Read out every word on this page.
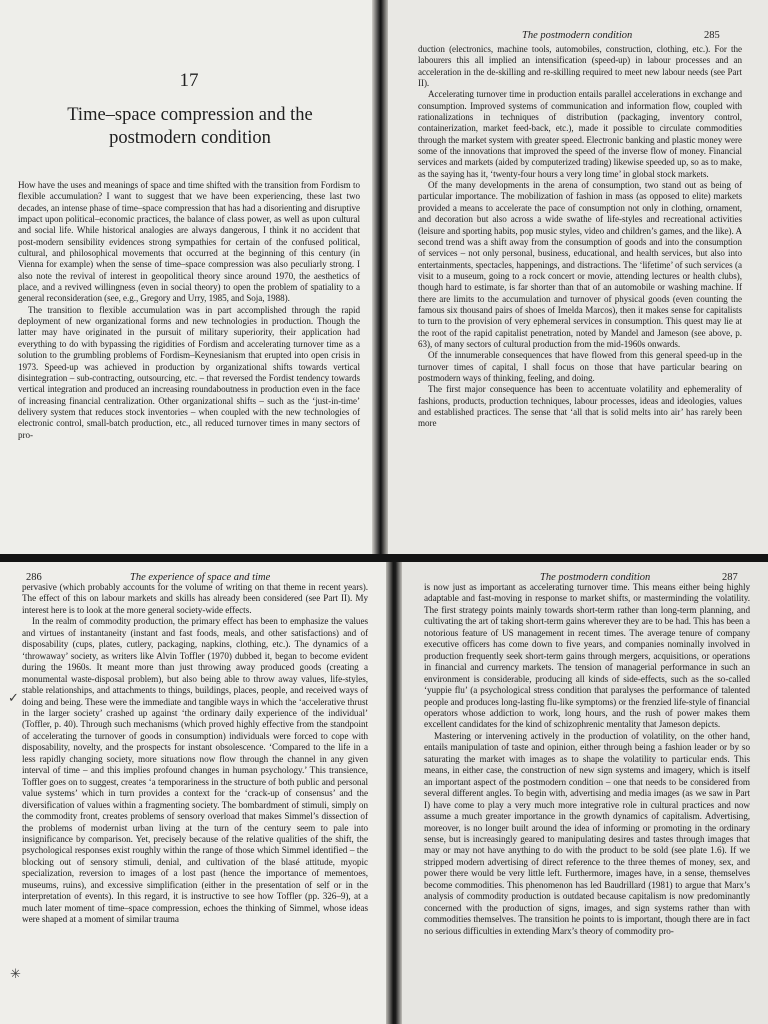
17
Time–space compression and the postmodern condition

How have the uses and meanings of space and time shifted with the transition from Fordism to flexible accumulation? I want to suggest that we have been experiencing, these last two decades, an intense phase of time–space compression that has had a disorienting and disruptive impact upon political–economic practices, the balance of class power, as well as upon cultural and social life. While historical analogies are always dangerous, I think it no accident that post-modern sensibility evidences strong sympathies for certain of the confused political, cultural, and philosophical movements that occurred at the beginning of this century (in Vienna for example) when the sense of time–space compression was also peculiarly strong. I also note the revival of interest in geopolitical theory since around 1970, the aesthetics of place, and a revived willingness (even in social theory) to open the problem of spatiality to a general reconsideration (see, e.g., Gregory and Urry, 1985, and Soja, 1988).

The transition to flexible accumulation was in part accomplished through the rapid deployment of new organizational forms and new technologies in production. Though the latter may have originated in the pursuit of military superiority, their application had everything to do with bypassing the rigidities of Fordism and accelerating turnover time as a solution to the grumbling problems of Fordism–Keynesianism that erupted into open crisis in 1973. Speed-up was achieved in production by organizational shifts towards vertical disintegration – sub-contracting, outsourcing, etc. – that reversed the Fordist tendency towards vertical integration and produced an increasing roundaboutness in production even in the face of increasing financial centralization. Other organizational shifts – such as the ‘just-in-time’ delivery system that reduces stock inventories – when coupled with the new technologies of electronic control, small-batch production, etc., all reduced turnover times in many sectors of pro-

The postmodern condition	285

duction (electronics, machine tools, automobiles, construction, clothing, etc.). For the labourers this all implied an intensification (speed-up) in labour processes and an acceleration in the de-skilling and re-skilling required to meet new labour needs (see Part II).

Accelerating turnover time in production entails parallel accelerations in exchange and consumption. Improved systems of communication and information flow, coupled with rationalizations in techniques of distribution (packaging, inventory control, containerization, market feed-back, etc.), made it possible to circulate commodities through the market system with greater speed. Electronic banking and plastic money were some of the innovations that improved the speed of the inverse flow of money. Financial services and markets (aided by computerized trading) likewise speeded up, so as to make, as the saying has it, ‘twenty-four hours a very long time’ in global stock markets.

Of the many developments in the arena of consumption, two stand out as being of particular importance. The mobilization of fashion in mass (as opposed to elite) markets provided a means to accelerate the pace of consumption not only in clothing, ornament, and decoration but also across a wide swathe of life-styles and recreational activities (leisure and sporting habits, pop music styles, video and children’s games, and the like). A second trend was a shift away from the consumption of goods and into the consumption of services – not only personal, business, educational, and health services, but also into entertainments, spectacles, happenings, and distractions. The ‘lifetime’ of such services (a visit to a museum, going to a rock concert or movie, attending lectures or health clubs), though hard to estimate, is far shorter than that of an automobile or washing machine. If there are limits to the accumulation and turnover of physical goods (even counting the famous six thousand pairs of shoes of Imelda Marcos), then it makes sense for capitalists to turn to the provision of very ephemeral services in consumption. This quest may lie at the root of the rapid capitalist penetration, noted by Mandel and Jameson (see above, p. 63), of many sectors of cultural production from the mid-1960s onwards.

Of the innumerable consequences that have flowed from this general speed-up in the turnover times of capital, I shall focus on those that have particular bearing on postmodern ways of thinking, feeling, and doing.

The first major consequence has been to accentuate volatility and ephemerality of fashions, products, production techniques, labour processes, ideas and ideologies, values and established practices. The sense that ‘all that is solid melts into air’ has rarely been more

286	The experience of space and time

pervasive (which probably accounts for the volume of writing on that theme in recent years). The effect of this on labour markets and skills has already been considered (see Part II). My interest here is to look at the more general society-wide effects.

In the realm of commodity production, the primary effect has been to emphasize the values and virtues of instantaneity (instant and fast foods, meals, and other satisfactions) and of disposability (cups, plates, cutlery, packaging, napkins, clothing, etc.). The dynamics of a ‘throwaway’ society, as writers like Alvin Toffler (1970) dubbed it, began to become evident during the 1960s. It meant more than just throwing away produced goods (creating a monumental waste-disposal problem), but also being able to throw away values, life-styles, stable relationships, and attachments to things, buildings, places, people, and received ways of doing and being. These were the immediate and tangible ways in which the ‘accelerative thrust in the larger society’ crashed up against ‘the ordinary daily experience of the individual’ (Toffler, p. 40). Through such mechanisms (which proved highly effective from the standpoint of accelerating the turnover of goods in consumption) individuals were forced to cope with disposability, novelty, and the prospects for instant obsolescence. ‘Compared to the life in a less rapidly changing society, more situations now flow through the channel in any given interval of time – and this implies profound changes in human psychology.’ This transience, Toffler goes on to suggest, creates ‘a temporariness in the structure of both public and personal value systems’ which in turn provides a context for the ‘crack-up of consensus’ and the diversification of values within a fragmenting society. The bombardment of stimuli, simply on the commodity front, creates problems of sensory overload that makes Simmel’s dissection of the problems of modernist urban living at the turn of the century seem to pale into insignificance by comparison. Yet, precisely because of the relative qualities of the shift, the psychological responses exist roughly within the range of those which Simmel identified – the blocking out of sensory stimuli, denial, and cultivation of the blasé attitude, myopic specialization, reversion to images of a lost past (hence the importance of mementoes, museums, ruins), and excessive simplification (either in the presentation of self or in the interpretation of events). In this regard, it is instructive to see how Toffler (pp. 326–9), at a much later moment of time–space compression, echoes the thinking of Simmel, whose ideas were shaped at a moment of similar trauma

✓
✳
The postmodern condition	287

is now just as important as accelerating turnover time. This means either being highly adaptable and fast-moving in response to market shifts, or masterminding the volatility. The first strategy points mainly towards short-term rather than long-term planning, and cultivating the art of taking short-term gains wherever they are to be had. This has been a notorious feature of US management in recent times. The average tenure of company executive officers has come down to five years, and companies nominally involved in production frequently seek short-term gains through mergers, acquisitions, or operations in financial and currency markets. The tension of managerial performance in such an environment is considerable, producing all kinds of side-effects, such as the so-called ‘yuppie flu’ (a psychological stress condition that paralyses the performance of talented people and produces long-lasting flu-like symptoms) or the frenzied life-style of financial operators whose addiction to work, long hours, and the rush of power makes them excellent candidates for the kind of schizophrenic mentality that Jameson depicts.

Mastering or intervening actively in the production of volatility, on the other hand, entails manipulation of taste and opinion, either through being a fashion leader or by so saturating the market with images as to shape the volatility to particular ends. This means, in either case, the construction of new sign systems and imagery, which is itself an important aspect of the postmodern condition – one that needs to be considered from several different angles. To begin with, advertising and media images (as we saw in Part I) have come to play a very much more integrative role in cultural practices and now assume a much greater importance in the growth dynamics of capitalism. Advertising, moreover, is no longer built around the idea of informing or promoting in the ordinary sense, but is increasingly geared to manipulating desires and tastes through images that may or may not have anything to do with the product to be sold (see plate 1.6). If we stripped modern advertising of direct reference to the three themes of money, sex, and power there would be very little left. Furthermore, images have, in a sense, themselves become commodities. This phenomenon has led Baudrillard (1981) to argue that Marx’s analysis of commodity production is outdated because capitalism is now predominantly concerned with the production of signs, images, and sign systems rather than with commodities themselves. The transition he points to is important, though there are in fact no serious difficulties in extending Marx’s theory of commodity pro-
